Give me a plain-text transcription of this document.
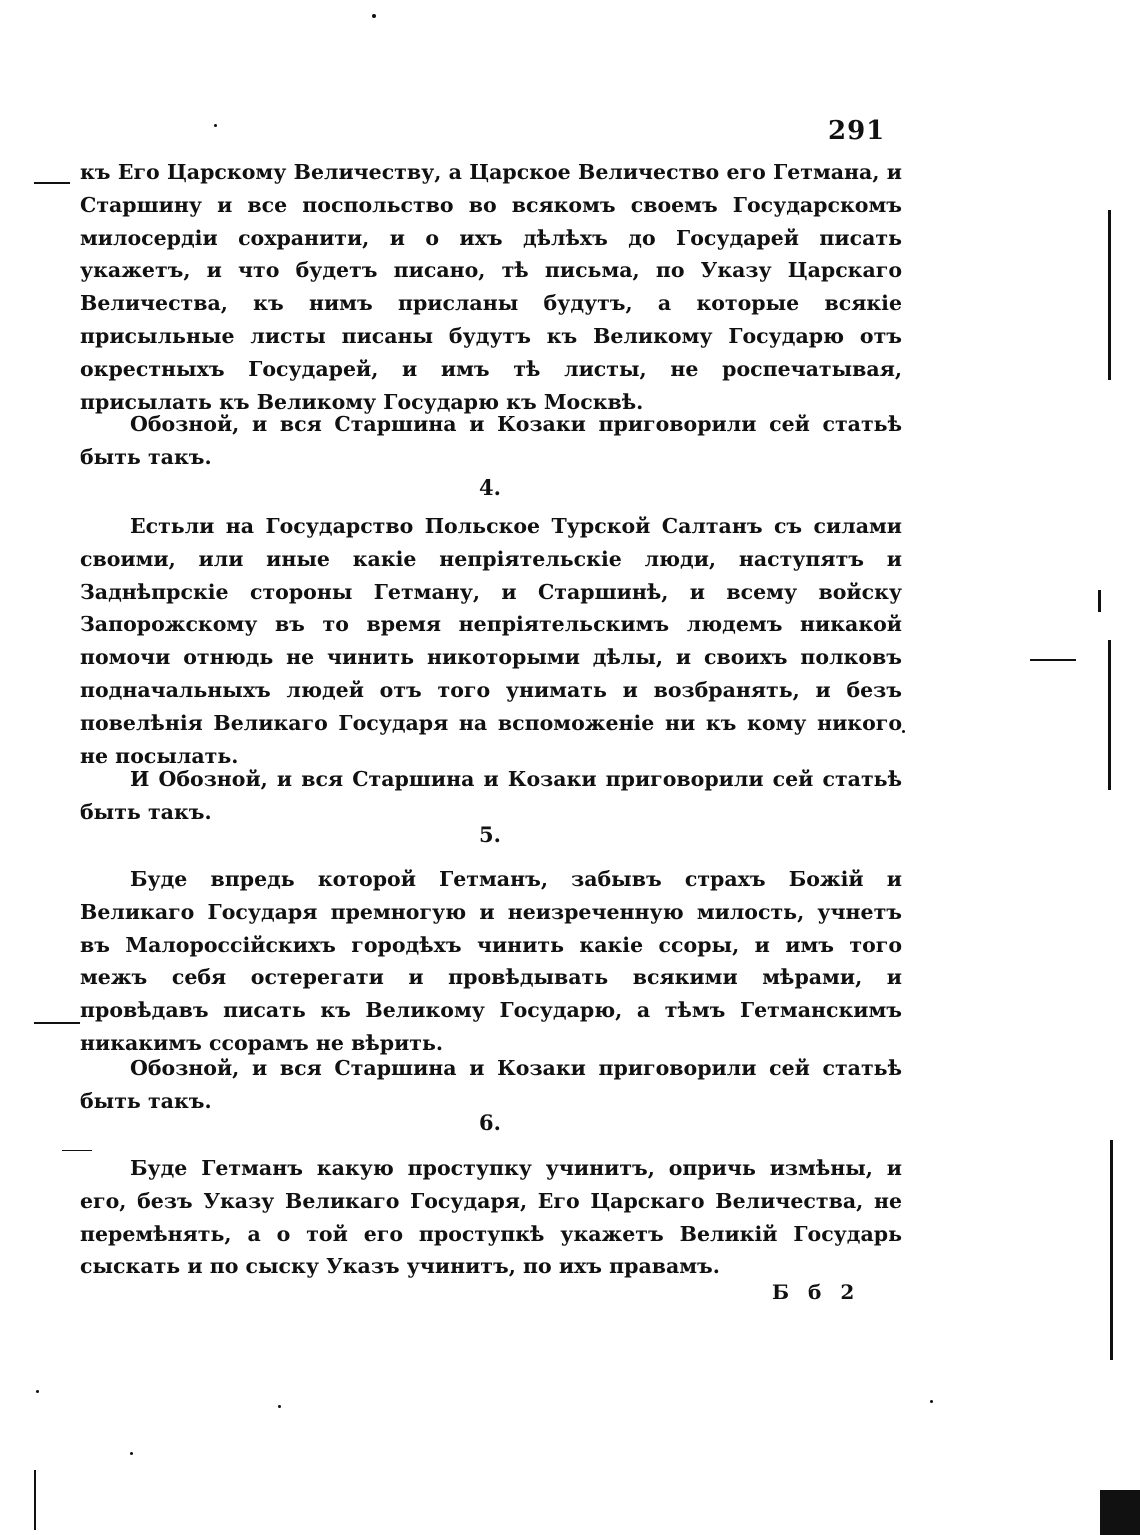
291

къ Его Царскому Величеству, а Царское Величество его Гетмана, и Старшину и все поспольство во всякомъ своемъ Государскомъ милосердіи сохранити, и о ихъ дѣлѣхъ до Государей писать укажетъ, и что будетъ писано, тѣ письма, по Указу Царскаго Величества, къ нимъ присланы будутъ, а которые всякіе присыльные листы писаны будутъ къ Великому Государю отъ окрестныхъ Государей, и имъ тѣ листы, не роспечатывая, присылать къ Великому Государю къ Москвѣ.

Обозной, и вся Старшина и Козаки приговорили сей статьѣ быть такъ.

4.

Естьли на Государство Польское Турской Салтанъ съ силами своими, или иные какіе непріятельскіе люди, наступятъ и Заднѣпрскіе стороны Гетману, и Старшинѣ, и всему войску Запорожскому въ то время непріятельскимъ людемъ никакой помочи отнюдь не чинить никоторыми дѣлы, и своихъ полковъ подначальныхъ людей отъ того унимать и возбранять, и безъ повелѣнія Великаго Государя на вспоможеніе ни къ кому никого не посылать.

И Обозной, и вся Старшина и Козаки приговорили сей статьѣ быть такъ.

5.

Буде впредь которой Гетманъ, забывъ страхъ Божій и Великаго Государя премногую и неизреченную милость, учнетъ въ Малороссійскихъ городѣхъ чинить какіе ссоры, и имъ того межъ себя остерегати и провѣдывать всякими мѣрами, и провѣдавъ писать къ Великому Государю, а тѣмъ Гетманскимъ никакимъ ссорамъ не вѣрить.

Обозной, и вся Старшина и Козаки приговорили сей статьѣ быть такъ.

6.

Буде Гетманъ какую проступку учинитъ, опричь измѣны, и его, безъ Указу Великаго Государя, Его Царскаго Величества, не перемѣнять, а о той его проступкѣ укажетъ Великій Государь сыскать и по сыску Указъ учинитъ, по ихъ правамъ.

Б б 2
